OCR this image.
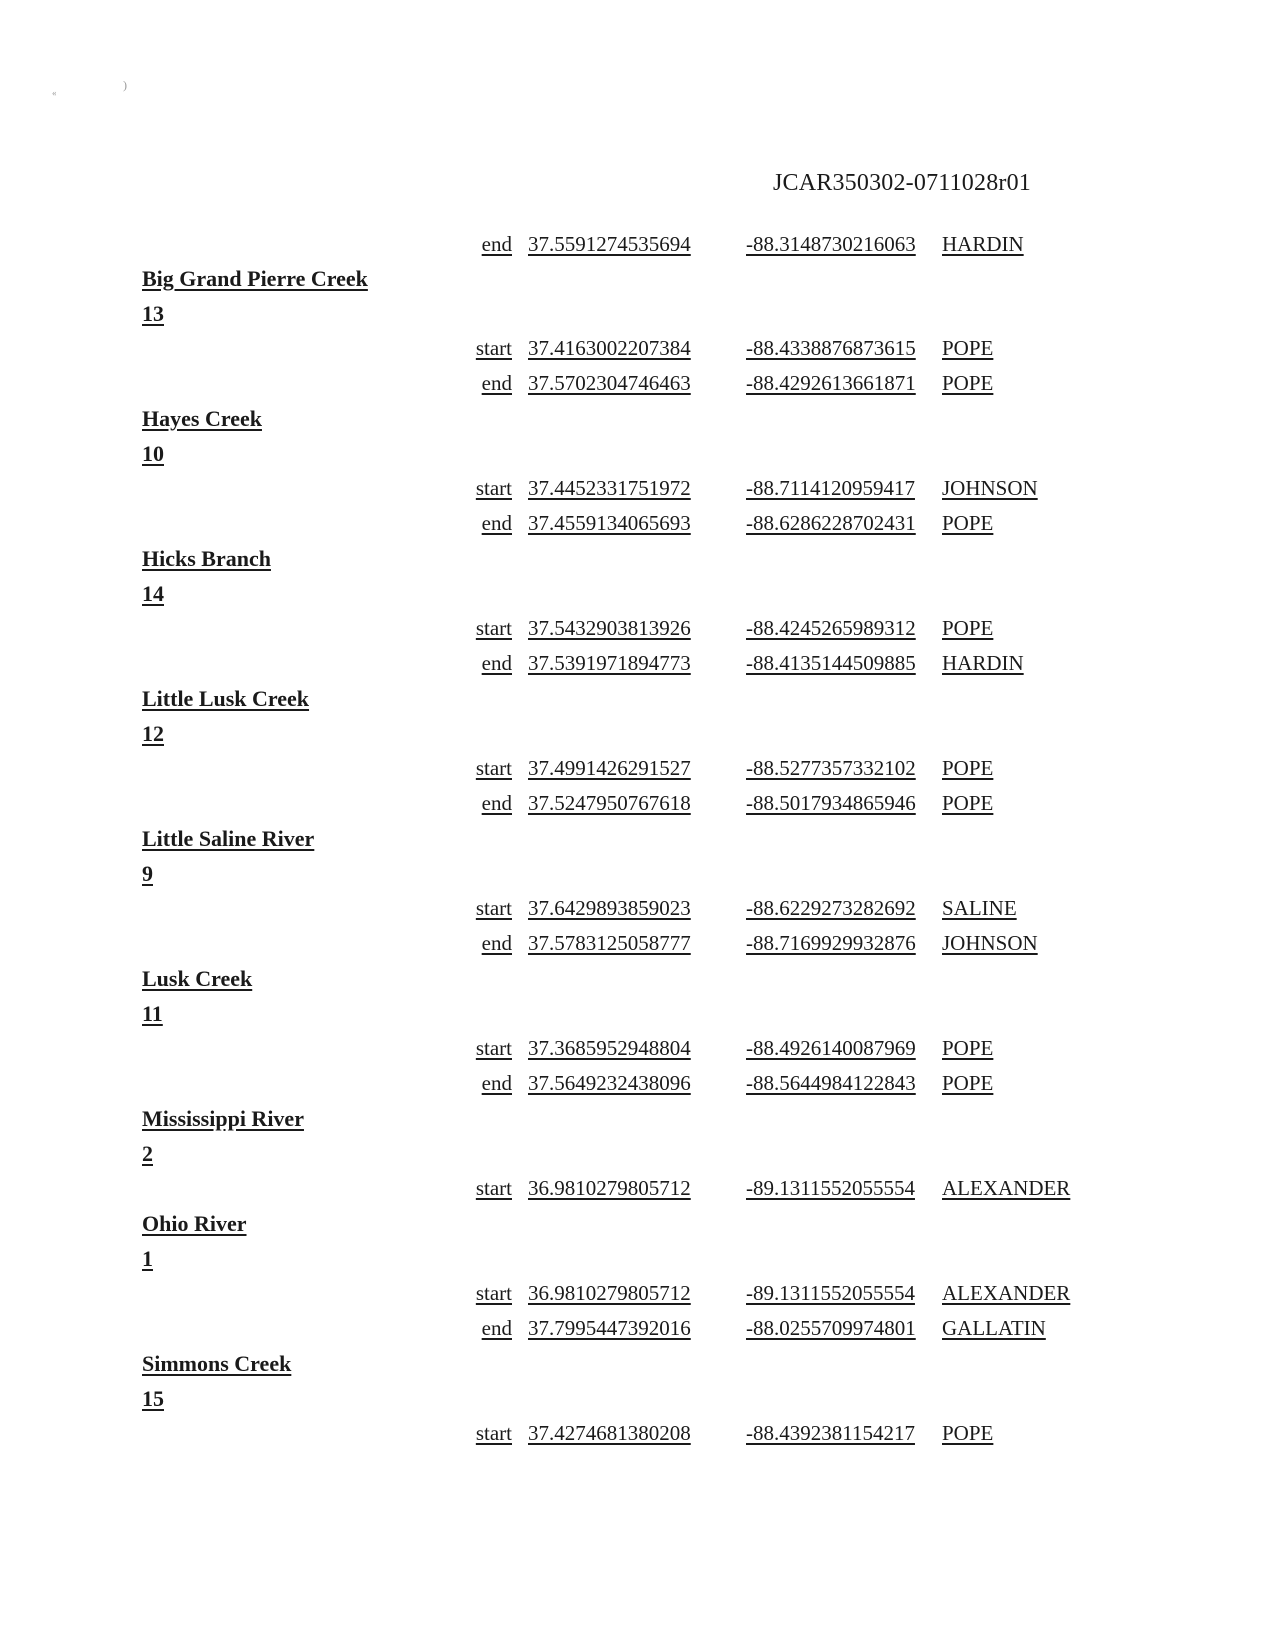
)
«
JCAR350302-0711028r01
end 37.5591274535694	-88.3148730216063 HARDIN
Big Grand Pierre Creek
13
start 37.4163002207384	-88.4338876873615 POPE
end 37.5702304746463	-88.4292613661871 POPE
Hayes Creek
10
start 37.4452331751972	-88.7114120959417 JOHNSON
end 37.4559134065693	-88.6286228702431 POPE
Hicks Branch
14
start 37.5432903813926	-88.4245265989312 POPE
end 37.5391971894773	-88.4135144509885 HARDIN
Little Lusk Creek
12
start 37.4991426291527	-88.5277357332102 POPE
end 37.5247950767618	-88.5017934865946 POPE
Little Saline River
9
start 37.6429893859023	-88.6229273282692 SALINE
end 37.5783125058777	-88.7169929932876 JOHNSON
Lusk Creek
11
start 37.3685952948804	-88.4926140087969 POPE
end 37.5649232438096	-88.5644984122843 POPE
Mississippi River
2
start 36.9810279805712	-89.1311552055554 ALEXANDER
Ohio River
1
start 36.9810279805712	-89.1311552055554 ALEXANDER
end 37.7995447392016	-88.0255709974801 GALLATIN
Simmons Creek
15
start 37.4274681380208	-88.4392381154217 POPE
